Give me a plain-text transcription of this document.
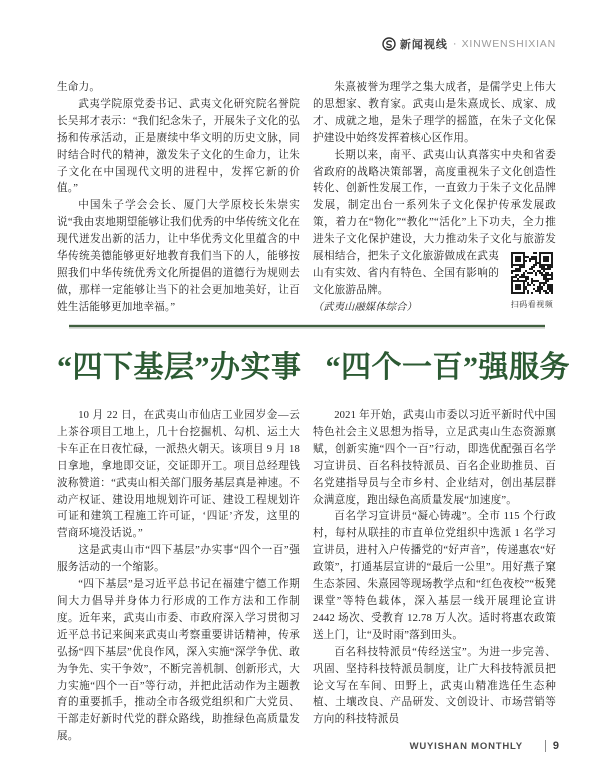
新闻视线 · XINWENSHIXIAN

生命力。

武夷学院原党委书记、武夷文化研究院名誉院长吴邦才表示：“我们纪念朱子，开展朱子文化的弘扬和传承活动，正是赓续中华文明的历史文脉，同时结合时代的精神，激发朱子文化的生命力，让朱子文化在中国现代文明的进程中，发挥它新的价值。”

中国朱子学会会长、厦门大学原校长朱崇实说“我由衷地期望能够让我们优秀的中华传统文化在现代迸发出新的活力，让中华优秀文化里蕴含的中华传统美德能够更好地教育我们当下的人，能够按照我们中华传统优秀文化所提倡的道德行为规则去做，那样一定能够让当下的社会更加地美好，让百姓生活能够更加地幸福。”

朱熹被誉为理学之集大成者，是儒学史上伟大的思想家、教育家。武夷山是朱熹成长、成家、成才、成就之地，是朱子理学的摇篮，在朱子文化保护建设中始终发挥着核心区作用。

长期以来，南平、武夷山认真落实中央和省委省政府的战略决策部署，高度重视朱子文化创造性转化、创新性发展工作，一直致力于朱子文化品牌发展，制定出台一系列朱子文化保护传承发展政策，着力在“物化”“教化”“活化”上下功夫，全力推进朱子文化保护建设，大力推动朱子文化与旅游发展相结合，把
扫码看视频
朱子文化旅游做成在武夷山有实效、省内有特色、全国有影响的文化旅游品牌。

（武夷山融媒体综合）

“四下基层”办实事 “四个一百”强服务

10 月 22 日，在武夷山市仙店工业园岁金—云上茶谷项目工地上，几十台挖掘机、勾机、运土大卡车正在日夜忙碌，一派热火朝天。该项目 9 月 18 日拿地，拿地即交证，交证即开工。项目总经理钱波称赞道：“武夷山相关部门服务基层真是神速。不动产权证、建设用地规划许可证、建设工程规划许可证和建筑工程施工许可证，‘四证’齐发，这里的营商环境没话说。”

这是武夷山市“四下基层”办实事“四个一百”强服务活动的一个缩影。

“四下基层”是习近平总书记在福建宁德工作期间大力倡导并身体力行形成的工作方法和工作制度。近年来，武夷山市委、市政府深入学习贯彻习近平总书记来闽来武夷山考察重要讲话精神，传承弘扬“四下基层”优良作风，深入实施“深学争优、敢为争先、实干争效”，不断完善机制、创新形式，大力实施“四个一百”等行动，并把此活动作为主题教育的重要抓手，推动全市各级党组织和广大党员、干部走好新时代党的群众路线，助推绿色高质量发展。

2021 年开始，武夷山市委以习近平新时代中国特色社会主义思想为指导，立足武夷山生态资源禀赋，创新实施“四个一百”行动，即选优配强百名学习宣讲员、百名科技特派员、百名企业助推员、百名党建指导员与全市乡村、企业结对，创出基层群众满意度，跑出绿色高质量发展“加速度”。

百名学习宣讲员“凝心铸魂”。全市 115 个行政村，每村从联挂的市直单位党组织中选派 1 名学习宣讲员，进村入户传播党的“好声音”，传递惠农“好政策”，打通基层宣讲的“最后一公里”。用好燕子窠生态茶园、朱熹园等现场教学点和“红色夜校”“板凳课堂”等特色载体，深入基层一线开展理论宣讲 2442 场次、受教育 12.78 万人次。适时将惠农政策送上门，让“及时雨”落到田头。

百名科技特派员“传经送宝”。为进一步完善、巩固、坚持科技特派员制度，让广大科技特派员把论文写在车间、田野上，武夷山精准选任生态种植、土壤改良、产品研发、文创设计、市场营销等方向的科技特派员

WUYISHAN MONTHLY	9
